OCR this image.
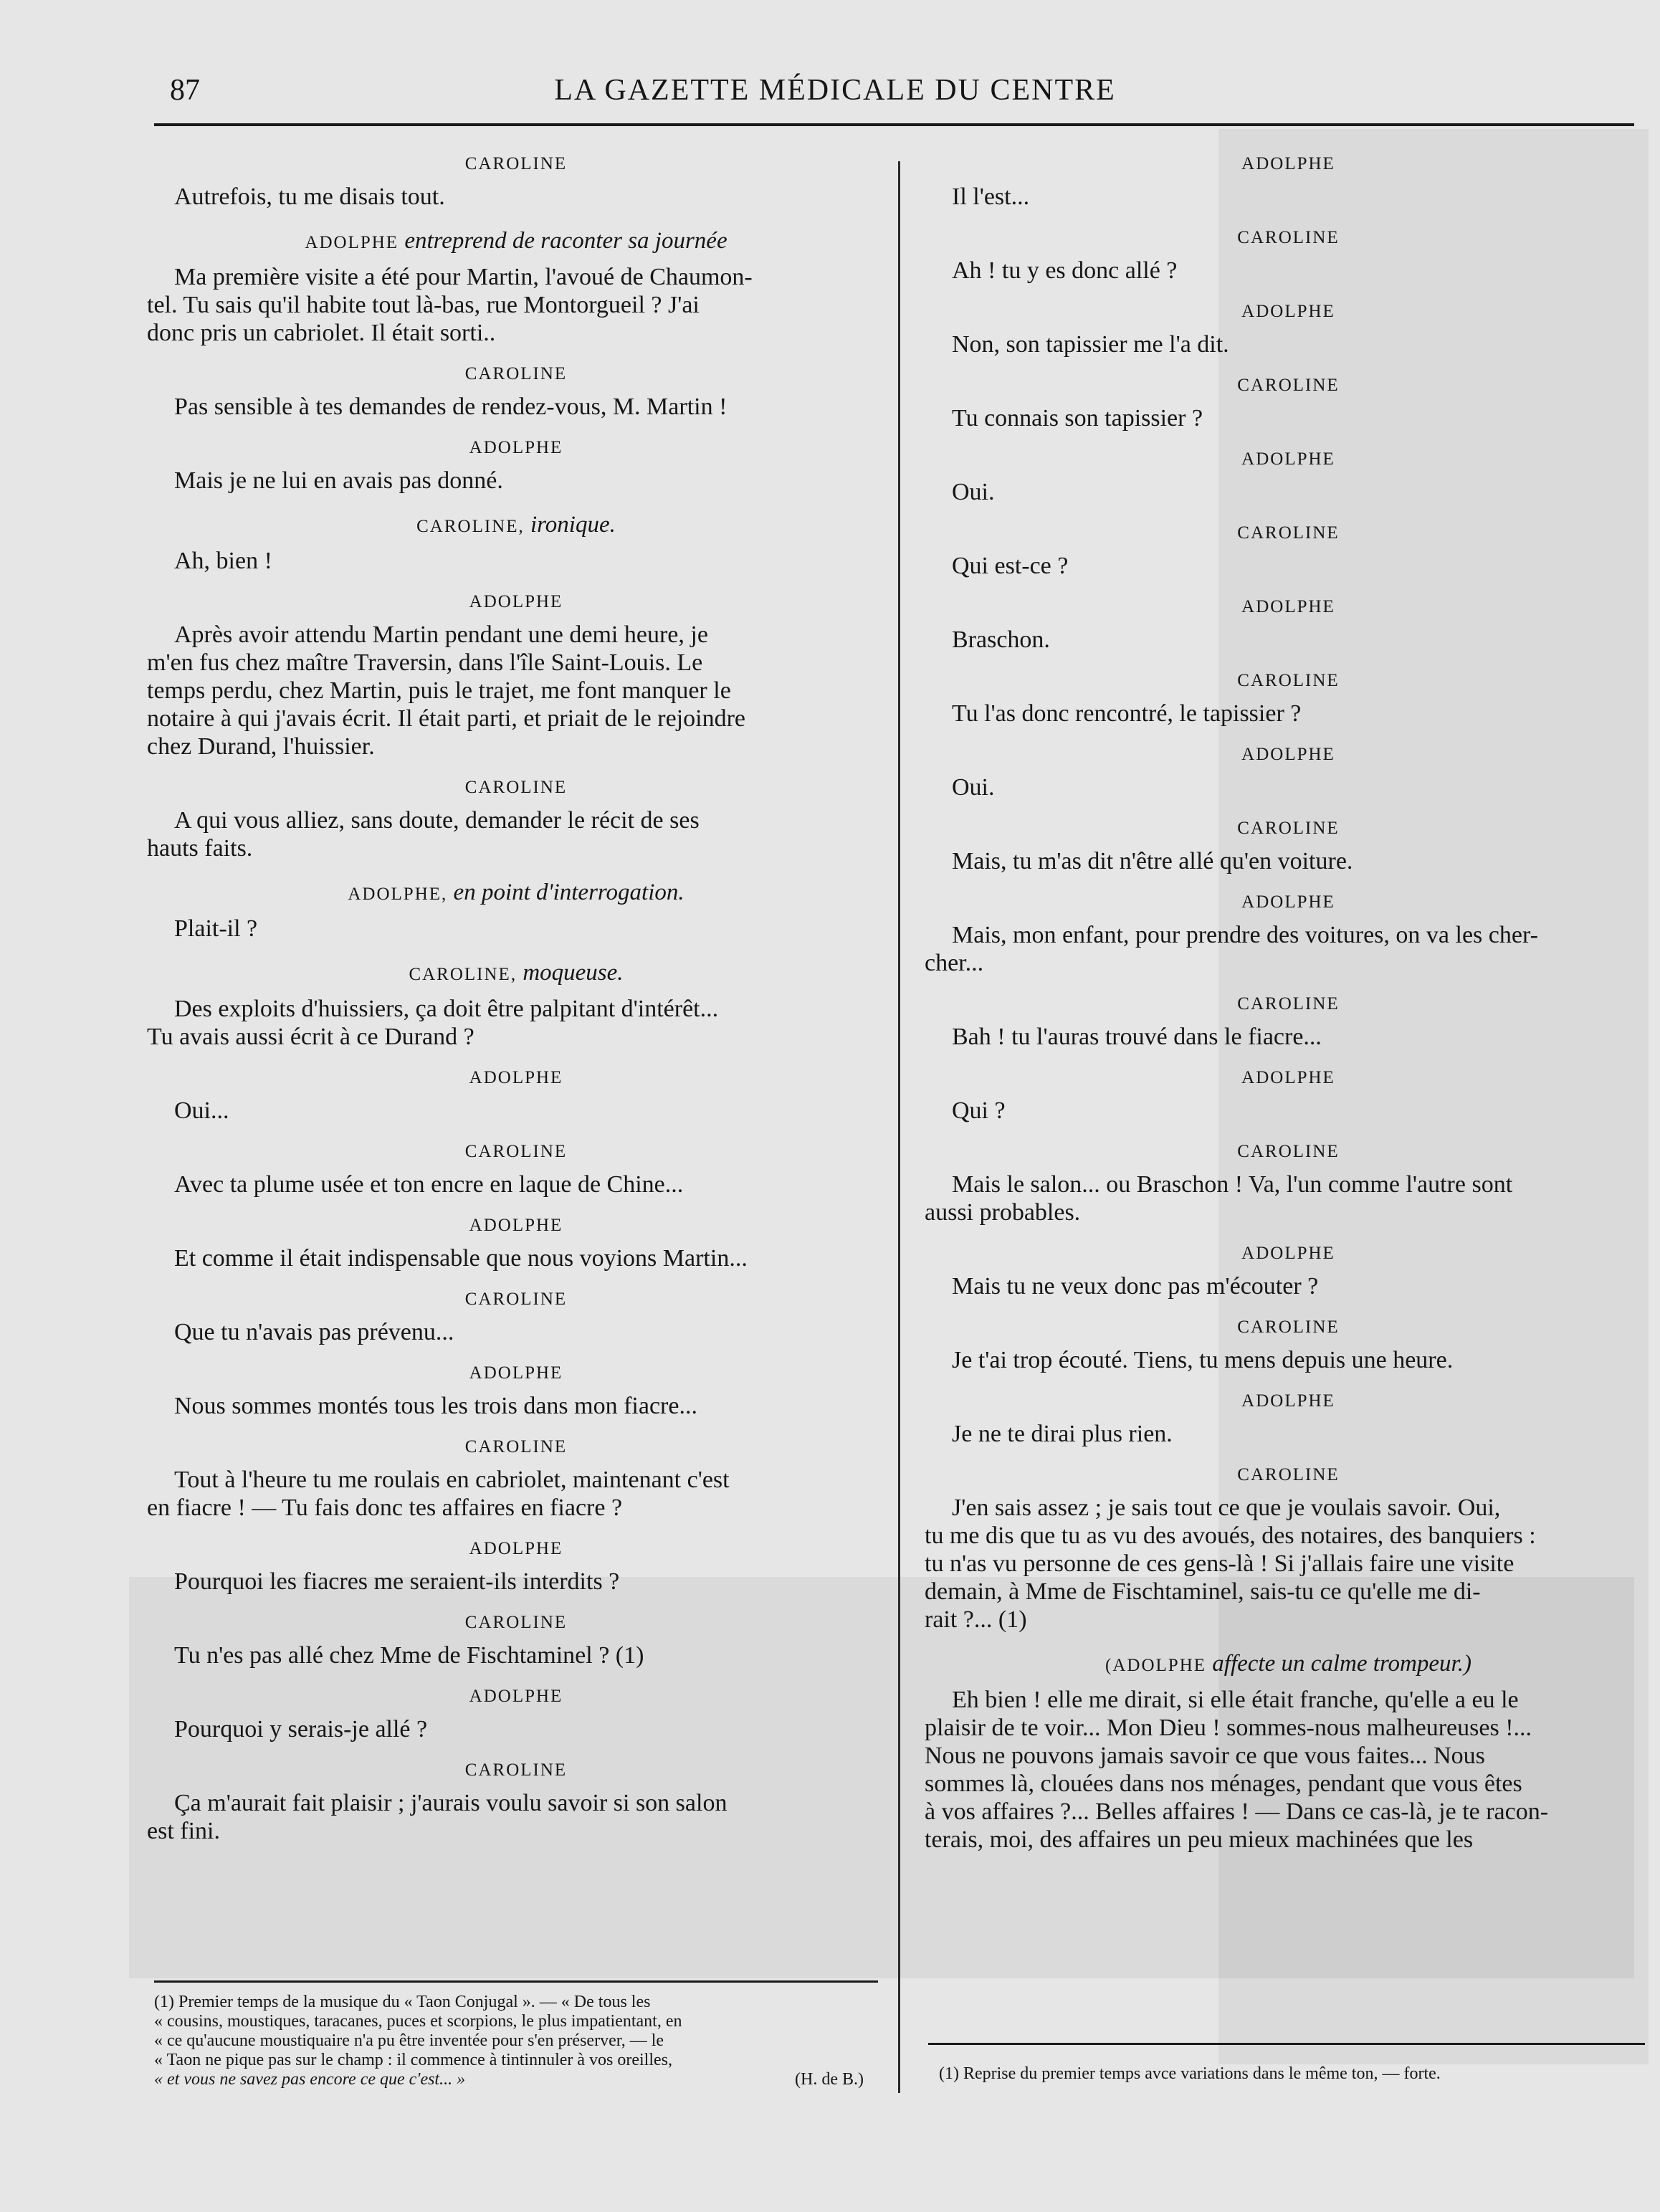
87	LA GAZETTE MÉDICALE DU CENTRE
CAROLINE
Autrefois, tu me disais tout.
ADOLPHE entreprend de raconter sa journée
Ma première visite a été pour Martin, l'avoué de Chaumon-
tel. Tu sais qu'il habite tout là-bas, rue Montorgueil ? J'ai
donc pris un cabriolet. Il était sorti..
CAROLINE
Pas sensible à tes demandes de rendez-vous, M. Martin !
ADOLPHE
Mais je ne lui en avais pas donné.
CAROLINE, ironique.
Ah, bien !
ADOLPHE
Après avoir attendu Martin pendant une demi heure, je
m'en fus chez maître Traversin, dans l'île Saint-Louis. Le
temps perdu, chez Martin, puis le trajet, me font manquer le
notaire à qui j'avais écrit. Il était parti, et priait de le rejoindre
chez Durand, l'huissier.
CAROLINE
A qui vous alliez, sans doute, demander le récit de ses
hauts faits.
ADOLPHE, en point d'interrogation.
Plait-il ?
CAROLINE, moqueuse.
Des exploits d'huissiers, ça doit être palpitant d'intérêt...
Tu avais aussi écrit à ce Durand ?
ADOLPHE
Oui...
CAROLINE
Avec ta plume usée et ton encre en laque de Chine...
ADOLPHE
Et comme il était indispensable que nous voyions Martin...
CAROLINE
Que tu n'avais pas prévenu...
ADOLPHE
Nous sommes montés tous les trois dans mon fiacre...
CAROLINE
Tout à l'heure tu me roulais en cabriolet, maintenant c'est
en fiacre ! — Tu fais donc tes affaires en fiacre ?
ADOLPHE
Pourquoi les fiacres me seraient-ils interdits ?
CAROLINE
Tu n'es pas allé chez Mme de Fischtaminel ? (1)
ADOLPHE
Pourquoi y serais-je allé ?
CAROLINE
Ça m'aurait fait plaisir ; j'aurais voulu savoir si son salon
est fini.
ADOLPHE
Il l'est...
CAROLINE
Ah ! tu y es donc allé ?
ADOLPHE
Non, son tapissier me l'a dit.
CAROLINE
Tu connais son tapissier ?
ADOLPHE
Oui.
CAROLINE
Qui est-ce ?
ADOLPHE
Braschon.
CAROLINE
Tu l'as donc rencontré, le tapissier ?
ADOLPHE
Oui.
CAROLINE
Mais, tu m'as dit n'être allé qu'en voiture.
ADOLPHE
Mais, mon enfant, pour prendre des voitures, on va les cher-
cher...
CAROLINE
Bah ! tu l'auras trouvé dans le fiacre...
ADOLPHE
Qui ?
CAROLINE
Mais le salon... ou Braschon ! Va, l'un comme l'autre sont
aussi probables.
ADOLPHE
Mais tu ne veux donc pas m'écouter ?
CAROLINE
Je t'ai trop écouté. Tiens, tu mens depuis une heure.
ADOLPHE
Je ne te dirai plus rien.
CAROLINE
J'en sais assez ; je sais tout ce que je voulais savoir. Oui,
tu me dis que tu as vu des avoués, des notaires, des banquiers :
tu n'as vu personne de ces gens-là ! Si j'allais faire une visite
demain, à Mme de Fischtaminel, sais-tu ce qu'elle me di-
rait ?... (1)
(ADOLPHE affecte un calme trompeur.)
Eh bien ! elle me dirait, si elle était franche, qu'elle a eu le
plaisir de te voir... Mon Dieu ! sommes-nous malheureuses !...
Nous ne pouvons jamais savoir ce que vous faites... Nous
sommes là, clouées dans nos ménages, pendant que vous êtes
à vos affaires ?... Belles affaires ! — Dans ce cas-là, je te racon-
terais, moi, des affaires un peu mieux machinées que les
(1) Premier temps de la musique du « Taon Conjugal ». — « De tous les
« cousins, moustiques, taracanes, puces et scorpions, le plus impatientant, en
« ce qu'aucune moustiquaire n'a pu être inventée pour s'en préserver, — le
« Taon ne pique pas sur le champ : il commence à tintinnuler à vos oreilles,
« et vous ne savez pas encore ce que c'est... »	(H. de B.)	(1) Reprise du premier temps avce variations dans le même ton, — forte.
